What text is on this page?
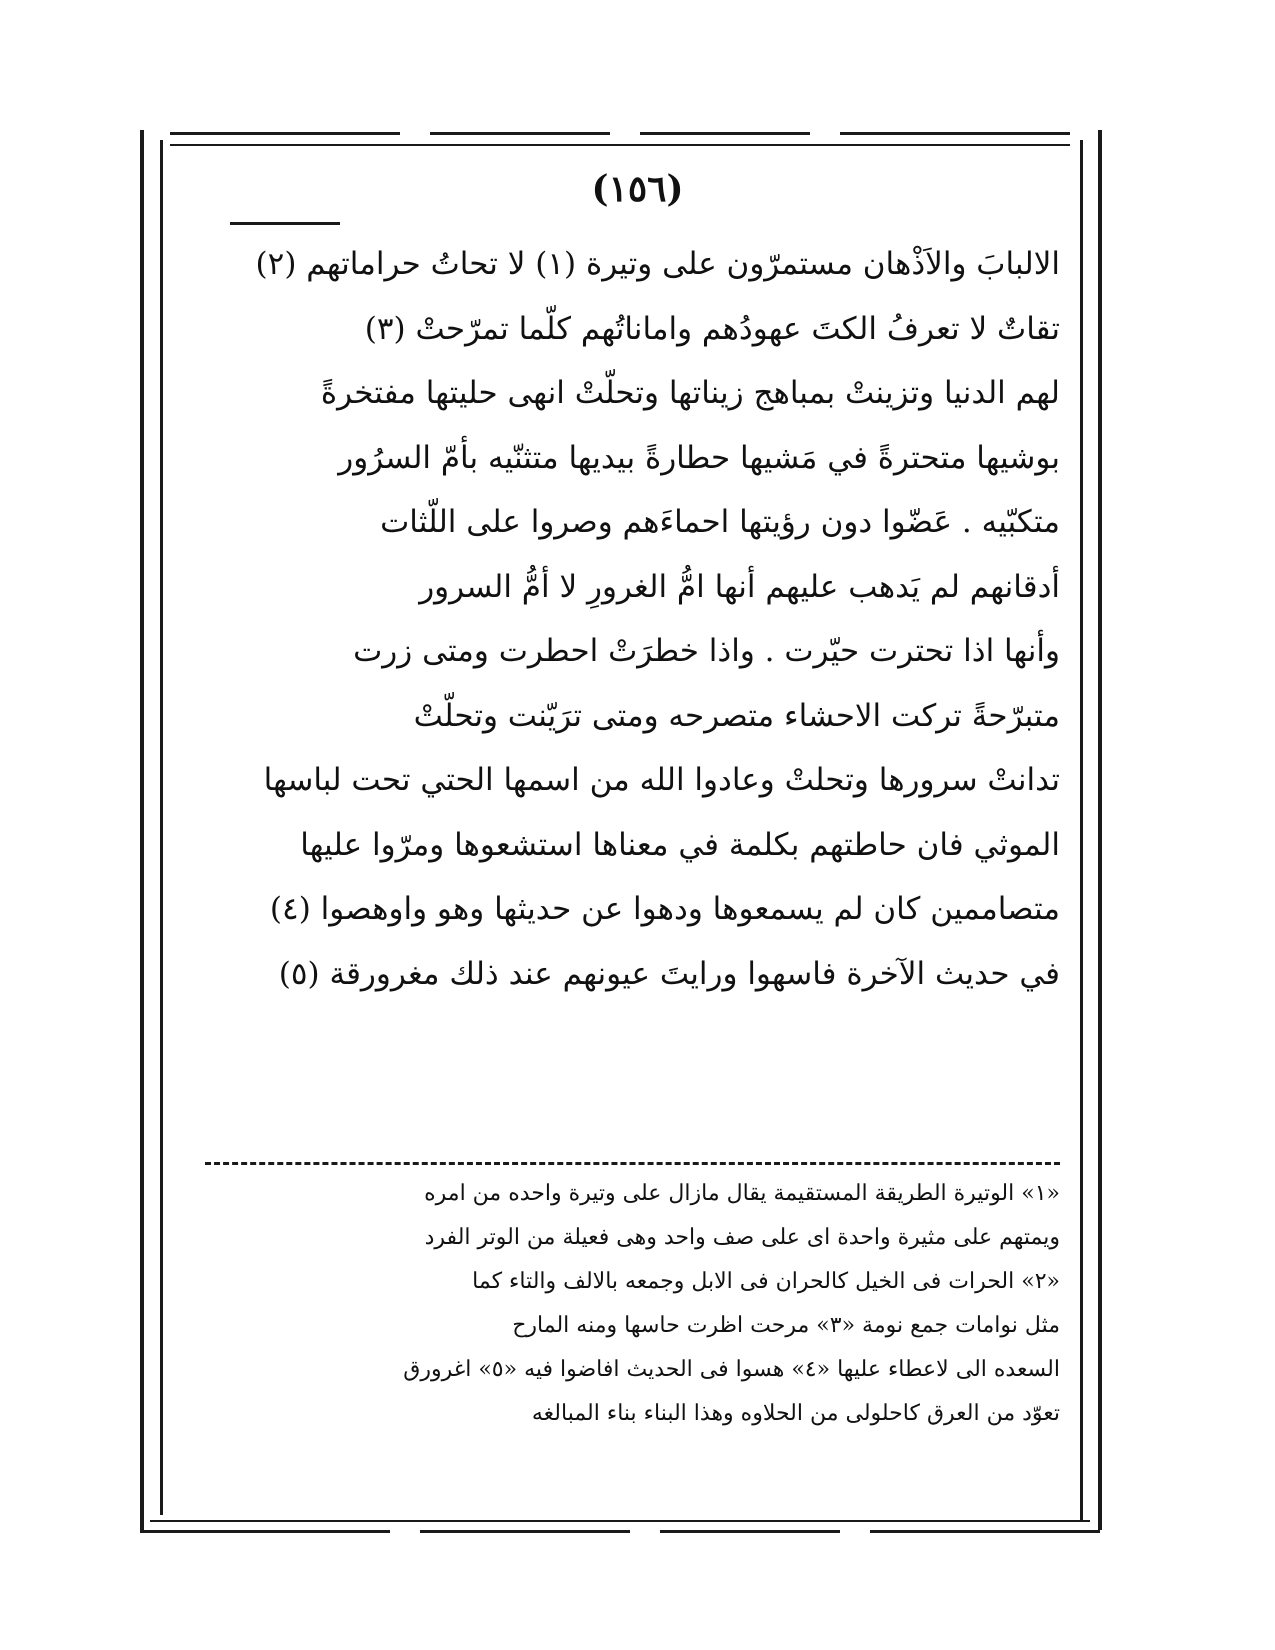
(١٥٦)
الالبابَ والاَذْهان مستمرّون على وتيرة (١) لا تحاتُ حراماتهم (٢)
تقاتٌ لا تعرفُ الكتَ عهودُهم واماناتُهم كلّما تمرّحتْ (٣)
لهم الدنيا وتزينتْ بمباهج زيناتها وتحلّتْ انهى حليتها مفتخرةً
بوشيها متحترةً في مَشيها حطارةً بيديها متثنّيه بأمّ السرُور
متكبّيه . عَضّوا دون رؤيتها احماءَهم وصروا على اللّثات
أدقانهم لم يَدهب عليهم أنها امُّ الغرورِ لا أمُّ السرور
وأنها اذا تحترت حيّرت . واذا خطرَتْ احطرت ومتى زرت
متبرّحةً تركت الاحشاء متصرحه ومتى ترَيّنت وتحلّتْ
تدانتْ سرورها وتحلتْ وعادوا الله من اسمها الحتي تحت لباسها
الموثي فان حاطتهم بكلمة في معناها استشعوها ومرّوا عليها
متصاممين كان لم يسمعوها ودهوا عن حديثها وهو واوهصوا (٤)
في حديث الآخرة فاسهوا ورايتَ عيونهم عند ذلك مغرورقة (٥)
«١» الوتيرة الطريقة المستقيمة يقال مازال على وتيرة واحده من امره
ويمتهم على مثيرة واحدة اى على صف واحد وهى فعيلة من الوتر الفرد
«٢» الحرات فى الخيل كالحران فى الابل وجمعه بالالف والتاء كما
مثل نوامات جمع نومة «٣» مرحت اظرت حاسها ومنه المارح
السعده الى لاعطاء عليها «٤» هسوا فى الحديث افاضوا فيه «٥» اغرورق
تعوّد من العرق كاحلولى من الحلاوه وهذا البناء بناء المبالغه
